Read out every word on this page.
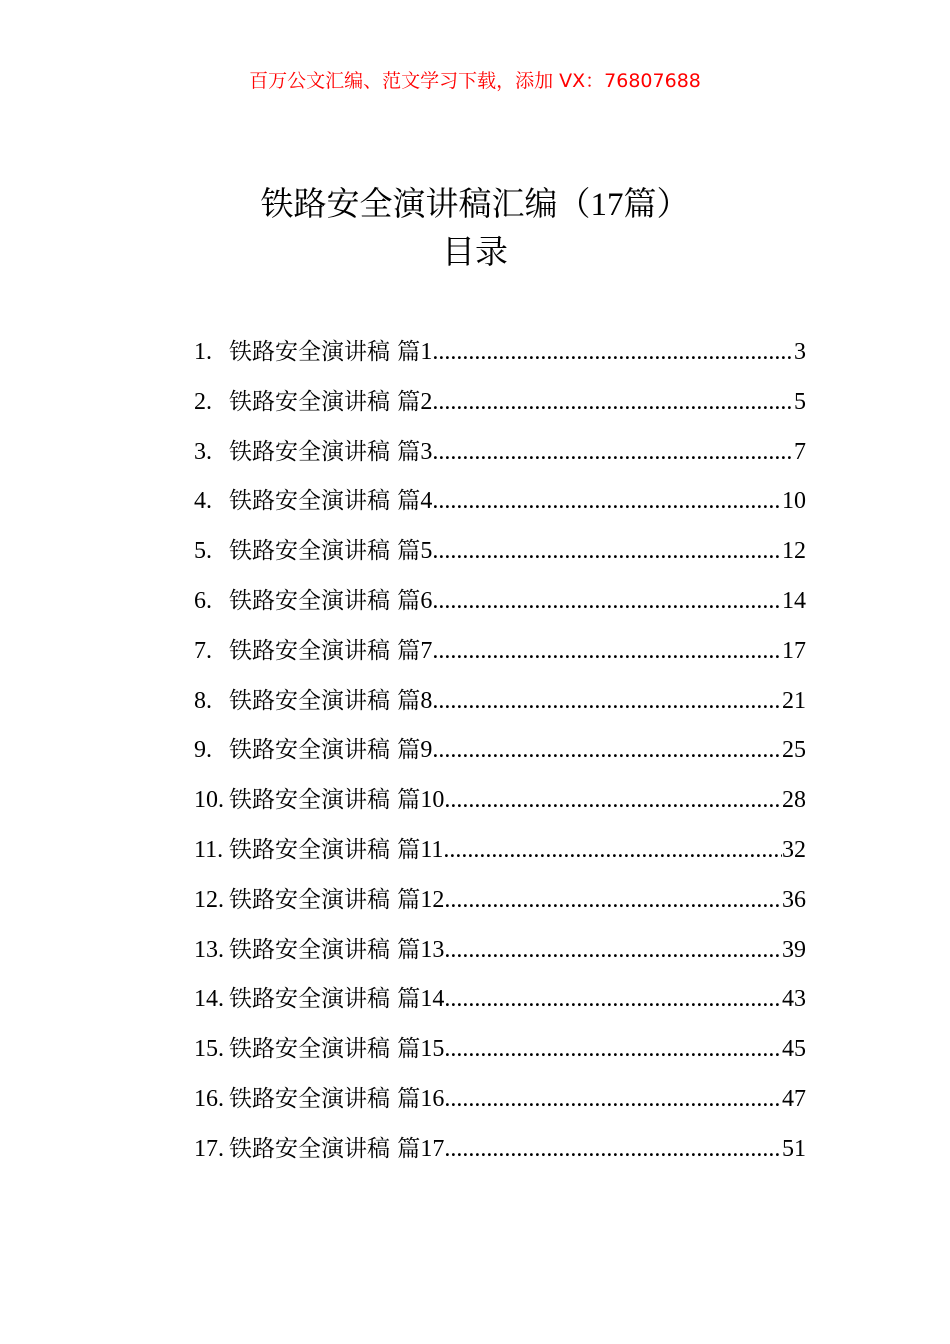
百万公文汇编、范文学习下载，添加 VX：76807688
铁路安全演讲稿汇编（17篇）
目录
1. 铁路安全演讲稿 篇1 .....	3
2. 铁路安全演讲稿 篇2 .....	5
3. 铁路安全演讲稿 篇3 .....	7
4. 铁路安全演讲稿 篇4 .....	10
5. 铁路安全演讲稿 篇5 .....	12
6. 铁路安全演讲稿 篇6 .....	14
7. 铁路安全演讲稿 篇7 .....	17
8. 铁路安全演讲稿 篇8 .....	21
9. 铁路安全演讲稿 篇9 .....	25
10. 铁路安全演讲稿 篇10 .....	28
11. 铁路安全演讲稿 篇11 .....	32
12. 铁路安全演讲稿 篇12 .....	36
13. 铁路安全演讲稿 篇13 .....	39
14. 铁路安全演讲稿 篇14 .....	43
15. 铁路安全演讲稿 篇15 .....	45
16. 铁路安全演讲稿 篇16 .....	47
17. 铁路安全演讲稿 篇17 .....	51
